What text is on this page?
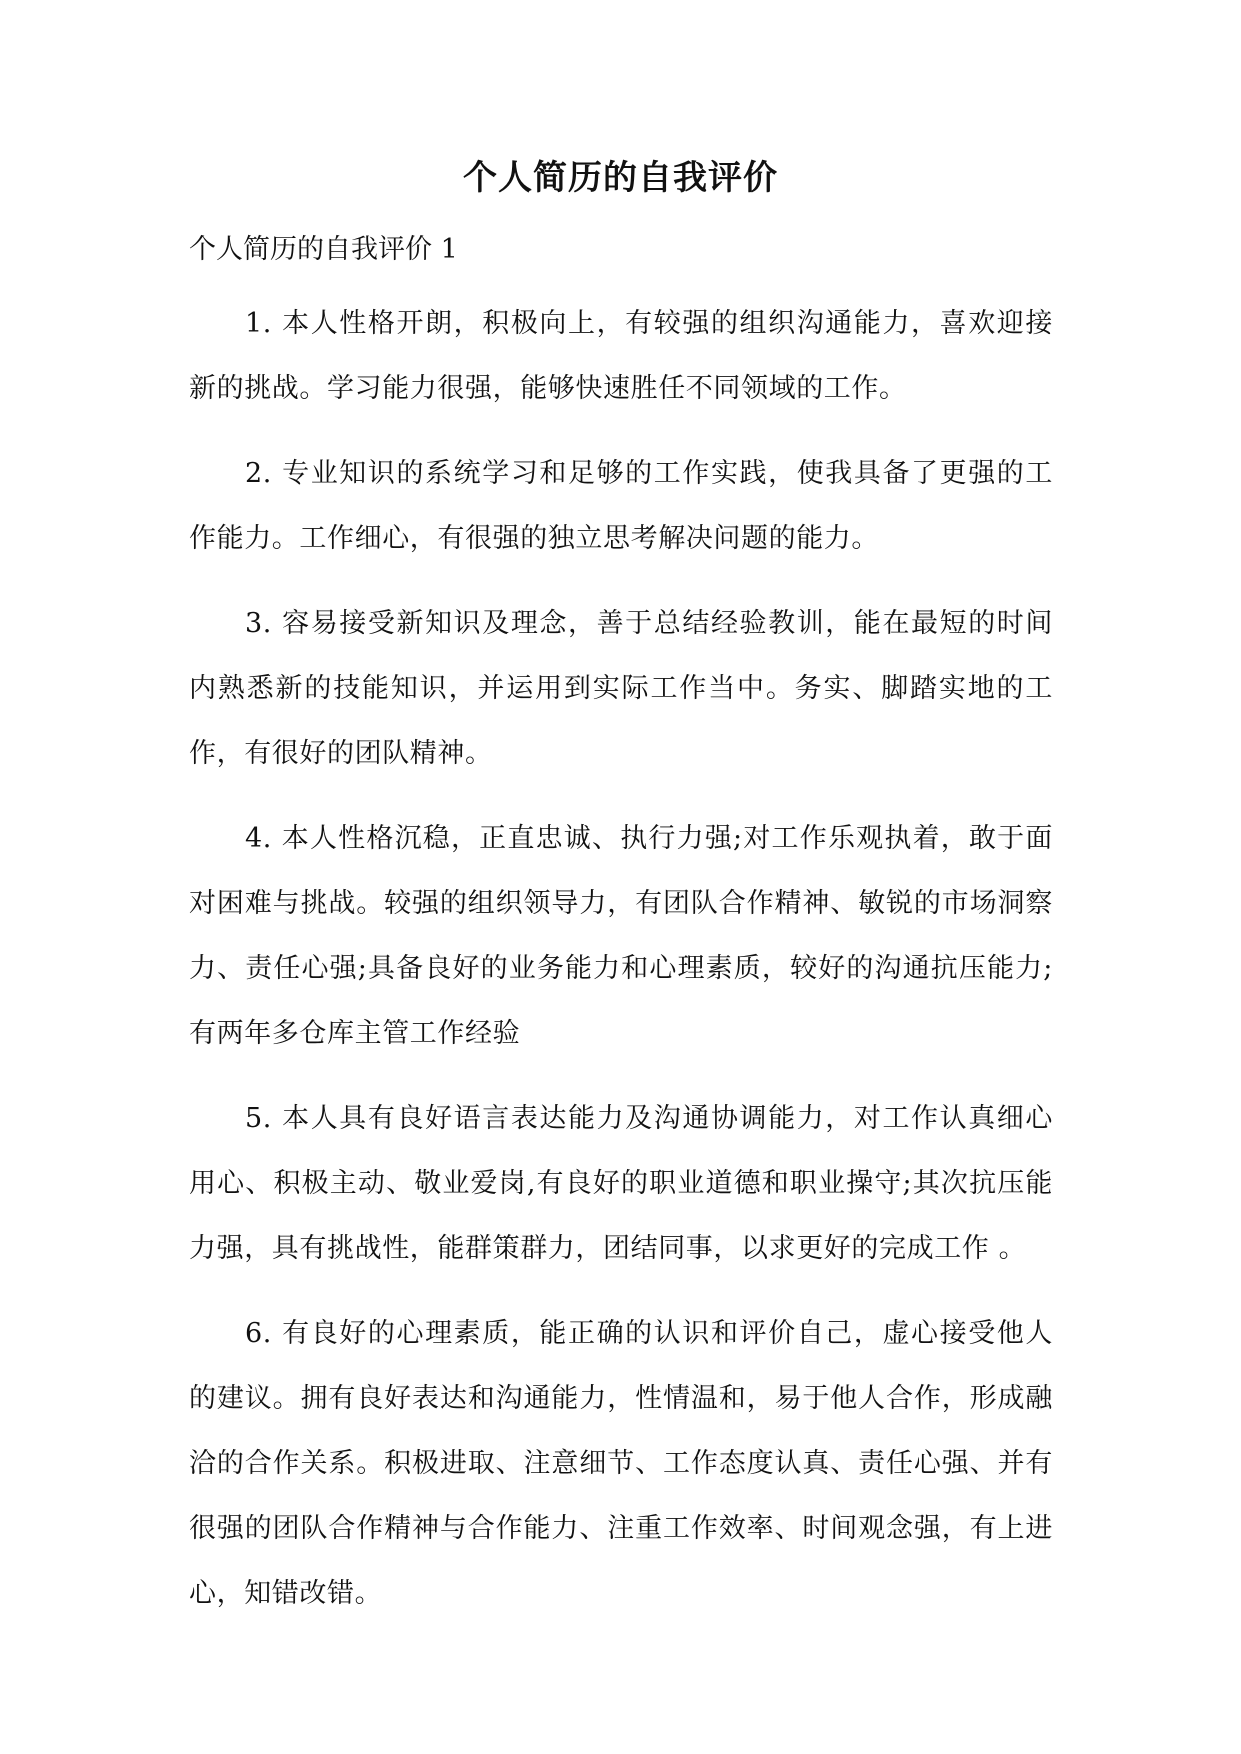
个人简历的自我评价
个人简历的自我评价 1

1. 本人性格开朗，积极向上，有较强的组织沟通能力，喜欢迎接新的挑战。学习能力很强，能够快速胜任不同领域的工作。

2. 专业知识的系统学习和足够的工作实践，使我具备了更强的工作能力。工作细心，有很强的独立思考解决问题的能力。

3. 容易接受新知识及理念，善于总结经验教训，能在最短的时间内熟悉新的技能知识，并运用到实际工作当中。务实、脚踏实地的工作，有很好的团队精神。

4. 本人性格沉稳，正直忠诚、执行力强;对工作乐观执着，敢于面对困难与挑战。较强的组织领导力，有团队合作精神、敏锐的市场洞察力、责任心强;具备良好的业务能力和心理素质，较好的沟通抗压能力;有两年多仓库主管工作经验

5. 本人具有良好语言表达能力及沟通协调能力，对工作认真细心用心、积极主动、敬业爱岗,有良好的职业道德和职业操守;其次抗压能力强，具有挑战性，能群策群力，团结同事，以求更好的完成工作 。

6. 有良好的心理素质，能正确的认识和评价自己，虚心接受他人的建议。拥有良好表达和沟通能力，性情温和，易于他人合作，形成融洽的合作关系。积极进取、注意细节、工作态度认真、责任心强、并有很强的团队合作精神与合作能力、注重工作效率、时间观念强，有上进心，知错改错。
